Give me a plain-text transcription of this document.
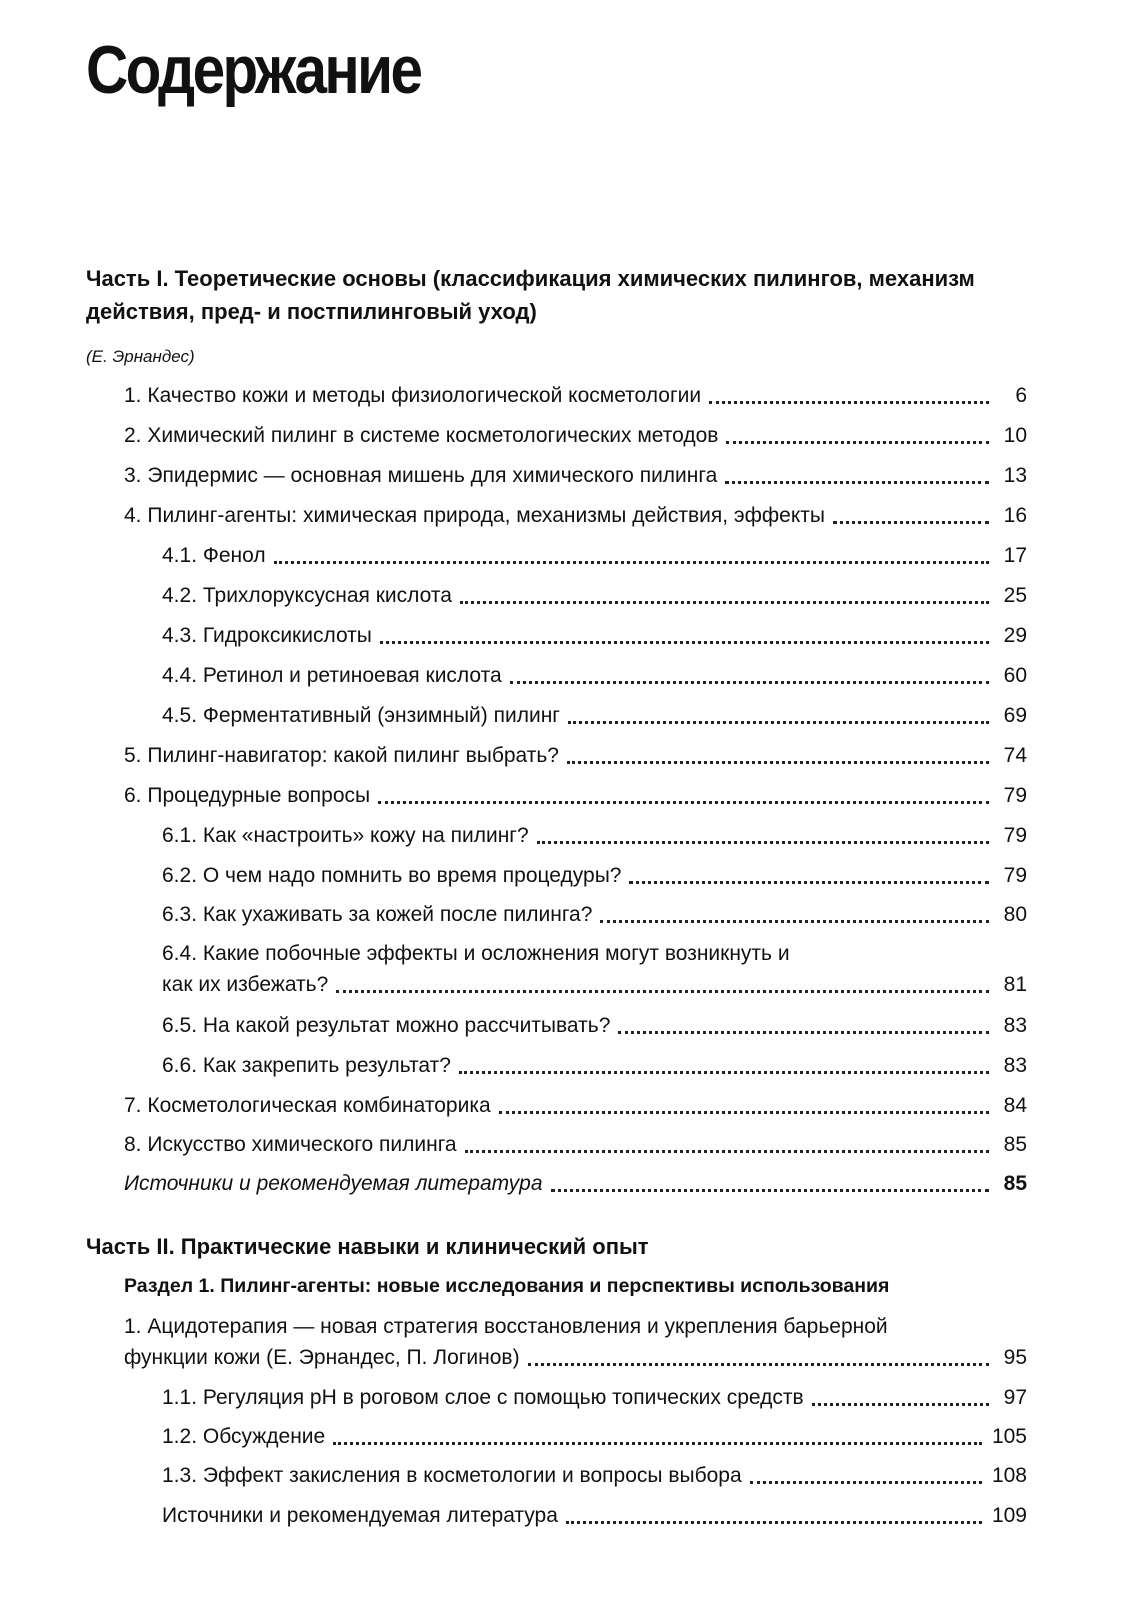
Содержание
Часть I. Теоретические основы (классификация химических пилингов, механизм действия, пред- и постпилинговый уход)
(Е. Эрнандес)
1. Качество кожи и методы физиологической косметологии	6
2. Химический пилинг в системе косметологических методов	10
3. Эпидермис — основная мишень для химического пилинга	13
4. Пилинг-агенты: химическая природа, механизмы действия, эффекты	16
4.1. Фенол	17
4.2. Трихлоруксусная кислота	25
4.3. Гидроксикислоты	29
4.4. Ретинол и ретиноевая кислота	60
4.5. Ферментативный (энзимный) пилинг	69
5. Пилинг-навигатор: какой пилинг выбрать?	74
6. Процедурные вопросы	79
6.1. Как «настроить» кожу на пилинг?	79
6.2. О чем надо помнить во время процедуры?	79
6.3. Как ухаживать за кожей после пилинга?	80
6.4. Какие побочные эффекты и осложнения могут возникнуть и
как их избежать?	81
6.5. На какой результат можно рассчитывать?	83
6.6. Как закрепить результат?	83
7. Косметологическая комбинаторика	84
8. Искусство химического пилинга	85
Источники и рекомендуемая литература	85
Часть II. Практические навыки и клинический опыт
Раздел 1. Пилинг-агенты: новые исследования и перспективы использования
1. Ацидотерапия — новая стратегия восстановления и укрепления барьерной
функции кожи (Е. Эрнандес, П. Логинов)	95
1.1. Регуляция pH в роговом слое с помощью топических средств	97
1.2. Обсуждение	105
1.3. Эффект закисления в косметологии и вопросы выбора	108
Источники и рекомендуемая литература	109
